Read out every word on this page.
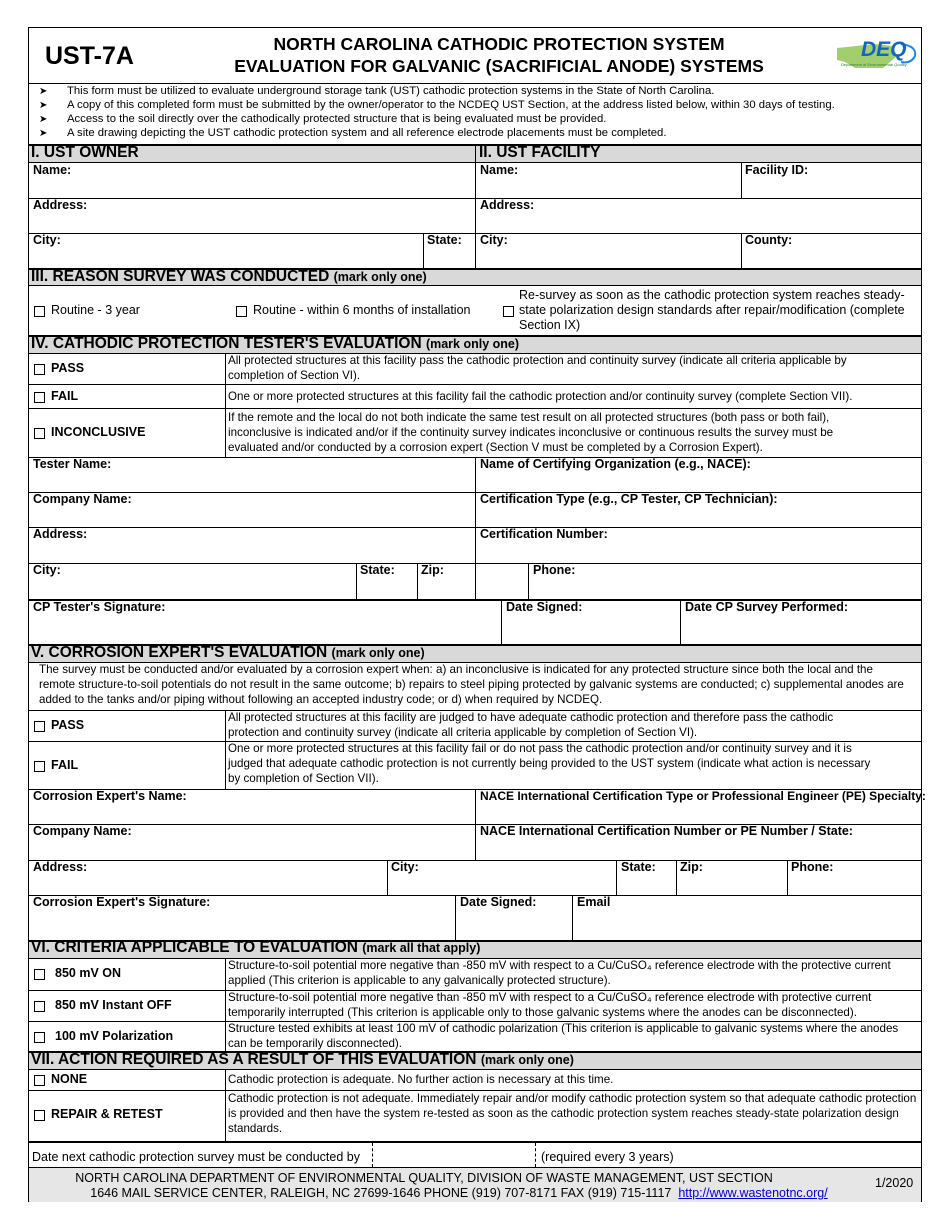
UST-7A	NORTH CAROLINA CATHODIC PROTECTION SYSTEM
EVALUATION FOR GALVANIC (SACRIFICIAL ANODE) SYSTEMS
DEQ
Department of Environmental Quality
➤ This form must be utilized to evaluate underground storage tank (UST) cathodic protection systems in the State of North Carolina.
➤ A copy of this completed form must be submitted by the owner/operator to the NCDEQ UST Section, at the address listed below, within 30 days of testing.
➤ Access to the soil directly over the cathodically protected structure that is being evaluated must be provided.
➤ A site drawing depicting the UST cathodic protection system and all reference electrode placements must be completed.
I. UST OWNER	II. UST FACILITY
Name:	Name:	Facility ID:
Address:	Address:
City:	State: City:	County:
III. REASON SURVEY WAS CONDUCTED (mark only one)
Routine - 3 year	Routine - within 6 months of installation
Re-survey as soon as the cathodic protection system reaches steady-
state polarization design standards after repair/modification (complete
Section IX)
IV. CATHODIC PROTECTION TESTER'S EVALUATION (mark only one)
PASS
All protected structures at this facility pass the cathodic protection and continuity survey (indicate all criteria applicable by
completion of Section VI).
FAIL	One or more protected structures at this facility fail the cathodic protection and/or continuity survey (complete Section VII).
INCONCLUSIVE
If the remote and the local do not both indicate the same test result on all protected structures (both pass or both fail),
inconclusive is indicated and/or if the continuity survey indicates inconclusive or continuous results the survey must be
evaluated and/or conducted by a corrosion expert (Section V must be completed by a Corrosion Expert).
Tester Name:	Name of Certifying Organization (e.g., NACE):
Company Name:	Certification Type (e.g., CP Tester, CP Technician):
Address:	Certification Number:
City:	State: Zip:	Phone:
CP Tester's Signature:	Date Signed:	Date CP Survey Performed:
V. CORROSION EXPERT'S EVALUATION (mark only one)
The survey must be conducted and/or evaluated by a corrosion expert when: a) an inconclusive is indicated for any protected structure since both the local and the
remote structure-to-soil potentials do not result in the same outcome; b) repairs to steel piping protected by galvanic systems are conducted; c) supplemental anodes are
added to the tanks and/or piping without following an accepted industry code; or d) when required by NCDEQ.
PASS
All protected structures at this facility are judged to have adequate cathodic protection and therefore pass the cathodic
protection and continuity survey (indicate all criteria applicable by completion of Section VI).
FAIL
One or more protected structures at this facility fail or do not pass the cathodic protection and/or continuity survey and it is
judged that adequate cathodic protection is not currently being provided to the UST system (indicate what action is necessary
by completion of Section VII).
Corrosion Expert's Name:	NACE International Certification Type or Professional Engineer (PE) Specialty:
Company Name:	NACE International Certification Number or PE Number / State:
Address:	City:	State: Zip:	Phone:
Corrosion Expert's Signature:	Date Signed:	Email
VI. CRITERIA APPLICABLE TO EVALUATION (mark all that apply)
850 mV ON
Structure-to-soil potential more negative than -850 mV with respect to a Cu/CuSO₄ reference electrode with the protective current
applied (This criterion is applicable to any galvanically protected structure).
850 mV Instant OFF
Structure-to-soil potential more negative than -850 mV with respect to a Cu/CuSO₄ reference electrode with protective current
temporarily interrupted (This criterion is applicable only to those galvanic systems where the anodes can be disconnected).
100 mV Polarization
Structure tested exhibits at least 100 mV of cathodic polarization (This criterion is applicable to galvanic systems where the anodes
can be temporarily disconnected).
VII. ACTION REQUIRED AS A RESULT OF THIS EVALUATION (mark only one)
NONE	Cathodic protection is adequate. No further action is necessary at this time.
REPAIR & RETEST
Cathodic protection is not adequate. Immediately repair and/or modify cathodic protection system so that adequate cathodic protection
is provided and then have the system re-tested as soon as the cathodic protection system reaches steady-state polarization design
standards.
Date next cathodic protection survey must be conducted by	(required every 3 years)
NORTH CAROLINA DEPARTMENT OF ENVIRONMENTAL QUALITY, DIVISION OF WASTE MANAGEMENT, UST SECTION
1646 MAIL SERVICE CENTER, RALEIGH, NC 27699-1646 PHONE (919) 707-8171 FAX (919) 715-1117 http://www.wastenotnc.org/
1/2020
